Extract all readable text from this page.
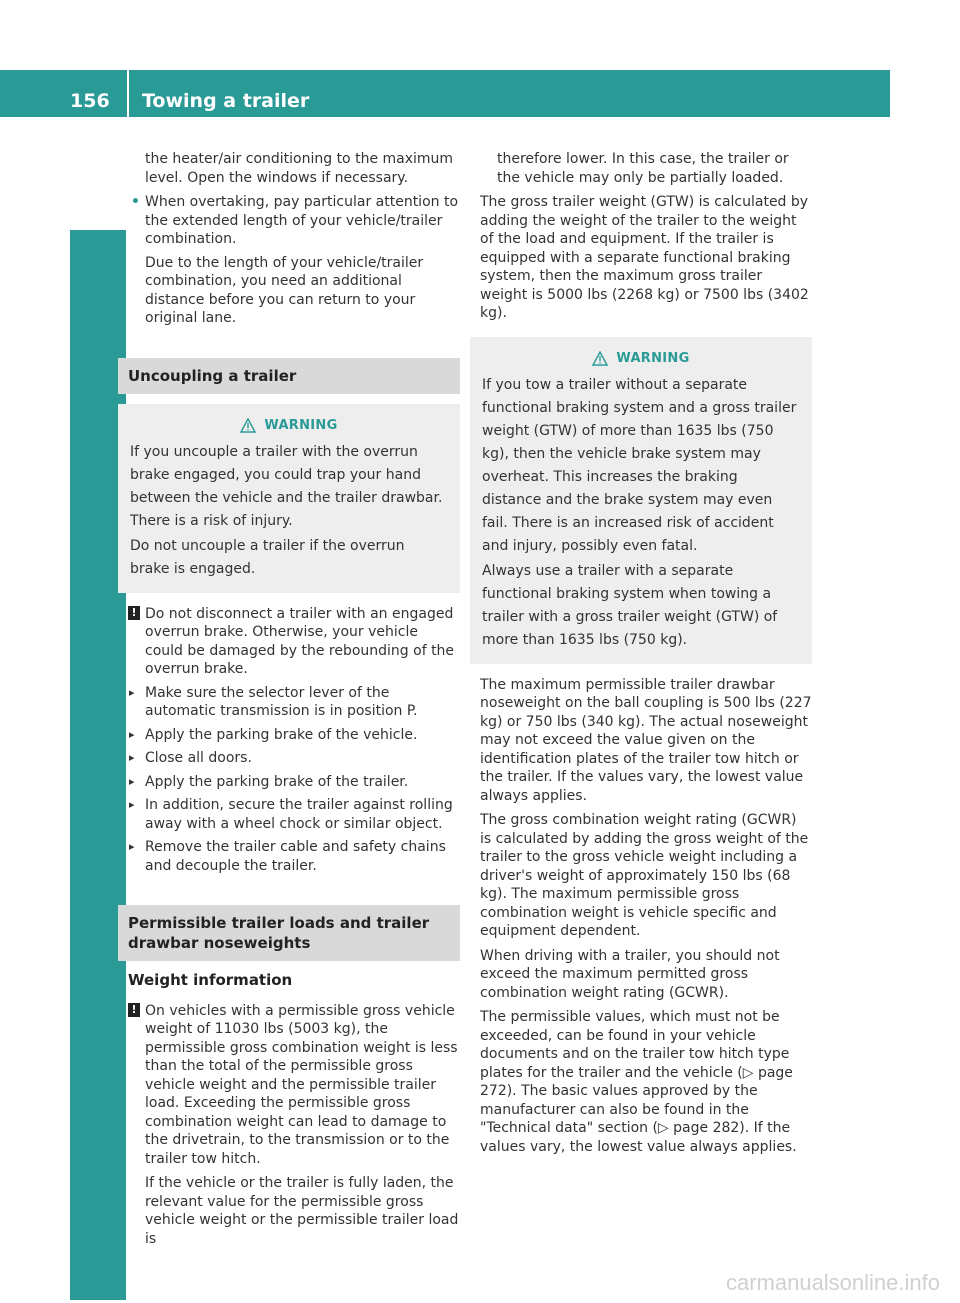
156 Towing a trailer
Driving and parking

the heater/air conditioning to the maximum level. Open the windows if necessary.

• When overtaking, pay particular attention to the extended length of your vehicle/trailer combination.

Due to the length of your vehicle/trailer combination, you need an additional distance before you can return to your original lane.

Uncoupling a trailer
WARNING

If you uncouple a trailer with the overrun brake engaged, you could trap your hand between the vehicle and the trailer drawbar. There is a risk of injury.

Do not uncouple a trailer if the overrun brake is engaged.

! Do not disconnect a trailer with an engaged overrun brake. Otherwise, your vehicle could be damaged by the rebounding of the overrun brake.
▸ Make sure the selector lever of the automatic transmission is in position P.
▸ Apply the parking brake of the vehicle.
▸ Close all doors.
▸ Apply the parking brake of the trailer.
▸ In addition, secure the trailer against rolling away with a wheel chock or similar object.
▸ Remove the trailer cable and safety chains and decouple the trailer.
Permissible trailer loads and trailer drawbar noseweights
Weight information
! On vehicles with a permissible gross vehicle weight of 11030 lbs (5003 kg), the permissible gross combination weight is less than the total of the permissible gross vehicle weight and the permissible trailer load. Exceeding the permissible gross combination weight can lead to damage to the drivetrain, to the transmission or to the trailer tow hitch.

If the vehicle or the trailer is fully laden, the relevant value for the permissible gross vehicle weight or the permissible trailer load is

therefore lower. In this case, the trailer or the vehicle may only be partially loaded.

The gross trailer weight (GTW) is calculated by adding the weight of the trailer to the weight of the load and equipment. If the trailer is equipped with a separate functional braking system, then the maximum gross trailer weight is 5000 lbs (2268 kg) or 7500 lbs (3402 kg).

WARNING

If you tow a trailer without a separate functional braking system and a gross trailer weight (GTW) of more than 1635 lbs (750 kg), then the vehicle brake system may overheat. This increases the braking distance and the brake system may even fail. There is an increased risk of accident and injury, possibly even fatal.

Always use a trailer with a separate functional braking system when towing a trailer with a gross trailer weight (GTW) of more than 1635 lbs (750 kg).

The maximum permissible trailer drawbar noseweight on the ball coupling is 500 lbs (227 kg) or 750 lbs (340 kg). The actual noseweight may not exceed the value given on the identification plates of the trailer tow hitch or the trailer. If the values vary, the lowest value always applies.

The gross combination weight rating (GCWR) is calculated by adding the gross weight of the trailer to the gross vehicle weight including a driver's weight of approximately 150 lbs (68 kg). The maximum permissible gross combination weight is vehicle specific and equipment dependent.

When driving with a trailer, you should not exceed the maximum permitted gross combination weight rating (GCWR).

The permissible values, which must not be exceeded, can be found in your vehicle documents and on the trailer tow hitch type plates for the trailer and the vehicle (▷ page 272). The basic values approved by the manufacturer can also be found in the "Technical data" section (▷ page 282). If the values vary, the lowest value always applies.

carmanualsonline.info
